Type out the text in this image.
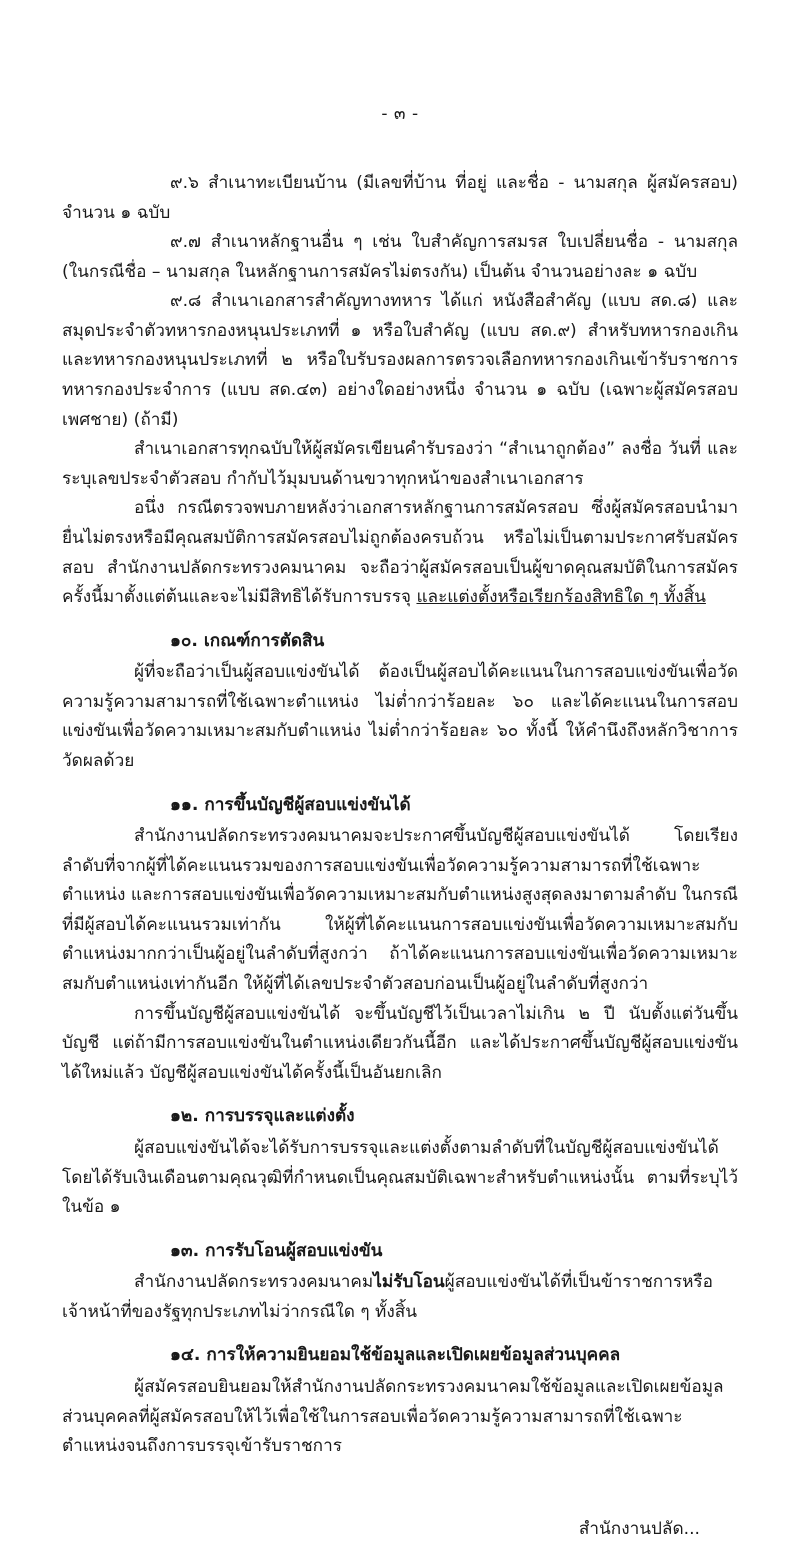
- ๓ -

๙.๖ สำเนาทะเบียนบ้าน (มีเลขที่บ้าน ที่อยู่ และชื่อ - นามสกุล ผู้สมัครสอบ) จำนวน ๑ ฉบับ

๙.๗ สำเนาหลักฐานอื่น ๆ เช่น ใบสำคัญการสมรส ใบเปลี่ยนชื่อ - นามสกุล (ในกรณีชื่อ – นามสกุล ในหลักฐานการสมัครไม่ตรงกัน) เป็นต้น จำนวนอย่างละ ๑ ฉบับ

๙.๘ สำเนาเอกสารสำคัญทางทหาร ได้แก่ หนังสือสำคัญ (แบบ สด.๘) และสมุดประจำตัวทหารกองหนุนประเภทที่ ๑ หรือใบสำคัญ (แบบ สด.๙) สำหรับทหารกองเกิน และทหารกองหนุนประเภทที่ ๒ หรือใบรับรองผลการตรวจเลือกทหารกองเกินเข้ารับราชการทหารกองประจำการ (แบบ สด.๔๓) อย่างใดอย่างหนึ่ง จำนวน ๑ ฉบับ (เฉพาะผู้สมัครสอบเพศชาย) (ถ้ามี)

สำเนาเอกสารทุกฉบับให้ผู้สมัครเขียนคำรับรองว่า “สำเนาถูกต้อง” ลงชื่อ วันที่ และระบุเลขประจำตัวสอบ กำกับไว้มุมบนด้านขวาทุกหน้าของสำเนาเอกสาร

อนึ่ง กรณีตรวจพบภายหลังว่าเอกสารหลักฐานการสมัครสอบ ซึ่งผู้สมัครสอบนำมายื่นไม่ตรงหรือมีคุณสมบัติการสมัครสอบไม่ถูกต้องครบถ้วน หรือไม่เป็นตามประกาศรับสมัครสอบ สำนักงานปลัดกระทรวงคมนาคม จะถือว่าผู้สมัครสอบเป็นผู้ขาดคุณสมบัติในการสมัครครั้งนี้มาตั้งแต่ต้นและจะไม่มีสิทธิได้รับการบรรจุ และแต่งตั้งหรือเรียกร้องสิทธิใด ๆ ทั้งสิ้น

๑๐. เกณฑ์การตัดสิน

ผู้ที่จะถือว่าเป็นผู้สอบแข่งขันได้ ต้องเป็นผู้สอบได้คะแนนในการสอบแข่งขันเพื่อวัดความรู้ความสามารถที่ใช้เฉพาะตำแหน่ง ไม่ต่ำกว่าร้อยละ ๖๐ และได้คะแนนในการสอบแข่งขันเพื่อวัดความเหมาะสมกับตำแหน่ง ไม่ต่ำกว่าร้อยละ ๖๐ ทั้งนี้ ให้คำนึงถึงหลักวิชาการวัดผลด้วย

๑๑. การขึ้นบัญชีผู้สอบแข่งขันได้

สำนักงานปลัดกระทรวงคมนาคมจะประกาศขึ้นบัญชีผู้สอบแข่งขันได้ โดยเรียงลำดับที่จากผู้ที่ได้คะแนนรวมของการสอบแข่งขันเพื่อวัดความรู้ความสามารถที่ใช้เฉพาะตำแหน่ง และการสอบแข่งขันเพื่อวัดความเหมาะสมกับตำแหน่งสูงสุดลงมาตามลำดับ ในกรณีที่มีผู้สอบได้คะแนนรวมเท่ากัน ให้ผู้ที่ได้คะแนนการสอบแข่งขันเพื่อวัดความเหมาะสมกับตำแหน่งมากกว่าเป็นผู้อยู่ในลำดับที่สูงกว่า ถ้าได้คะแนนการสอบแข่งขันเพื่อวัดความเหมาะสมกับตำแหน่งเท่ากันอีก ให้ผู้ที่ได้เลขประจำตัวสอบก่อนเป็นผู้อยู่ในลำดับที่สูงกว่า

การขึ้นบัญชีผู้สอบแข่งขันได้ จะขึ้นบัญชีไว้เป็นเวลาไม่เกิน ๒ ปี นับตั้งแต่วันขึ้นบัญชี แต่ถ้ามีการสอบแข่งขันในตำแหน่งเดียวกันนี้อีก และได้ประกาศขึ้นบัญชีผู้สอบแข่งขันได้ใหม่แล้ว บัญชีผู้สอบแข่งขันได้ครั้งนี้เป็นอันยกเลิก

๑๒. การบรรจุและแต่งตั้ง

ผู้สอบแข่งขันได้จะได้รับการบรรจุและแต่งตั้งตามลำดับที่ในบัญชีผู้สอบแข่งขันได้ โดยได้รับเงินเดือนตามคุณวุฒิที่กำหนดเป็นคุณสมบัติเฉพาะสำหรับตำแหน่งนั้น ตามที่ระบุไว้ในข้อ ๑

๑๓. การรับโอนผู้สอบแข่งขัน

สำนักงานปลัดกระทรวงคมนาคมไม่รับโอนผู้สอบแข่งขันได้ที่เป็นข้าราชการหรือเจ้าหน้าที่ของรัฐทุกประเภทไม่ว่ากรณีใด ๆ ทั้งสิ้น

๑๔. การให้ความยินยอมใช้ข้อมูลและเปิดเผยข้อมูลส่วนบุคคล

ผู้สมัครสอบยินยอมให้สำนักงานปลัดกระทรวงคมนาคมใช้ข้อมูลและเปิดเผยข้อมูลส่วนบุคคลที่ผู้สมัครสอบให้ไว้เพื่อใช้ในการสอบเพื่อวัดความรู้ความสามารถที่ใช้เฉพาะตำแหน่งจนถึงการบรรจุเข้ารับราชการ

สำนักงานปลัด...
